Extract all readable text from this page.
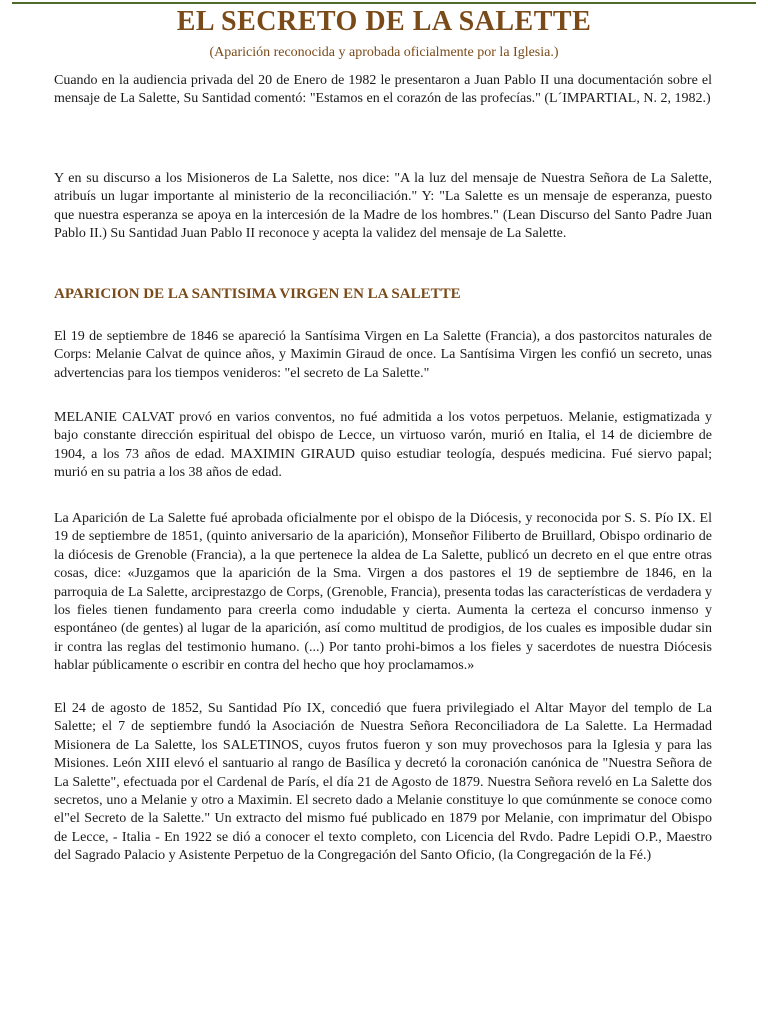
EL SECRETO DE LA SALETTE
(Aparición reconocida y aprobada oficialmente por la Iglesia.)

Cuando en la audiencia privada del 20 de Enero de 1982 le presentaron a Juan Pablo II una documentación sobre el mensaje de La Salette, Su Santidad comentó: "Estamos en el corazón de las profecías." (L´IMPARTIAL, N. 2, 1982.)

Y en su discurso a los Misioneros de La Salette, nos dice: "A la luz del mensaje de Nuestra Señora de La Salette, atribuís un lugar importante al ministerio de la reconciliación." Y: "La Salette es un mensaje de esperanza, puesto que nuestra esperanza se apoya en la intercesión de la Madre de los hombres." (Lean Discurso del Santo Padre Juan Pablo II.) Su Santidad Juan Pablo II reconoce y acepta la validez del mensaje de La Salette.

APARICION DE LA SANTISIMA VIRGEN EN LA SALETTE

El 19 de septiembre de 1846 se apareció la Santísima Virgen en La Salette (Francia), a dos pastorcitos naturales de Corps: Melanie Calvat de quince años, y Maximin Giraud de once. La Santísima Virgen les confió un secreto, unas advertencias para los tiempos venideros: "el secreto de La Salette."

MELANIE CALVAT provó en varios conventos, no fué admitida a los votos perpetuos. Melanie, estigmatizada y bajo constante dirección espiritual del obispo de Lecce, un virtuoso varón, murió en Italia, el 14 de diciembre de 1904, a los 73 años de edad. MAXIMIN GIRAUD quiso estudiar teología, después medicina. Fué siervo papal; murió en su patria a los 38 años de edad.

La Aparición de La Salette fué aprobada oficialmente por el obispo de la Diócesis, y reconocida por S. S. Pío IX. El 19 de septiembre de 1851, (quinto aniversario de la aparición), Monseñor Filiberto de Bruillard, Obispo ordinario de la diócesis de Grenoble (Francia), a la que pertenece la aldea de La Salette, publicó un decreto en el que entre otras cosas, dice: «Juzgamos que la aparición de la Sma. Virgen a dos pastores el 19 de septiembre de 1846, en la parroquia de La Salette, arciprestazgo de Corps, (Grenoble, Francia), presenta todas las características de verdadera y los fieles tienen fundamento para creerla como indudable y cierta. Aumenta la certeza el concurso inmenso y espontáneo (de gentes) al lugar de la aparición, así como multitud de prodigios, de los cuales es imposible dudar sin ir contra las reglas del testimonio humano. (...) Por tanto prohi-bimos a los fieles y sacerdotes de nuestra Diócesis hablar públicamente o escribir en contra del hecho que hoy proclamamos.»

El 24 de agosto de 1852, Su Santidad Pío IX, concedió que fuera privilegiado el Altar Mayor del templo de La Salette; el 7 de septiembre fundó la Asociación de Nuestra Señora Reconciliadora de La Salette. La Hermadad Misionera de La Salette, los SALETINOS, cuyos frutos fueron y son muy provechosos para la Iglesia y para las Misiones. León XIII elevó el santuario al rango de Basílica y decretó la coronación canónica de "Nuestra Señora de La Salette", efectuada por el Cardenal de París, el día 21 de Agosto de 1879. Nuestra Señora reveló en La Salette dos secretos, uno a Melanie y otro a Maximin. El secreto dado a Melanie constituye lo que comúnmente se conoce como el"el Secreto de la Salette." Un extracto del mismo fué publicado en 1879 por Melanie, con imprimatur del Obispo de Lecce, - Italia - En 1922 se dió a conocer el texto completo, con Licencia del Rvdo. Padre Lepidi O.P., Maestro del Sagrado Palacio y Asistente Perpetuo de la Congregación del Santo Oficio, (la Congregación de la Fé.)
